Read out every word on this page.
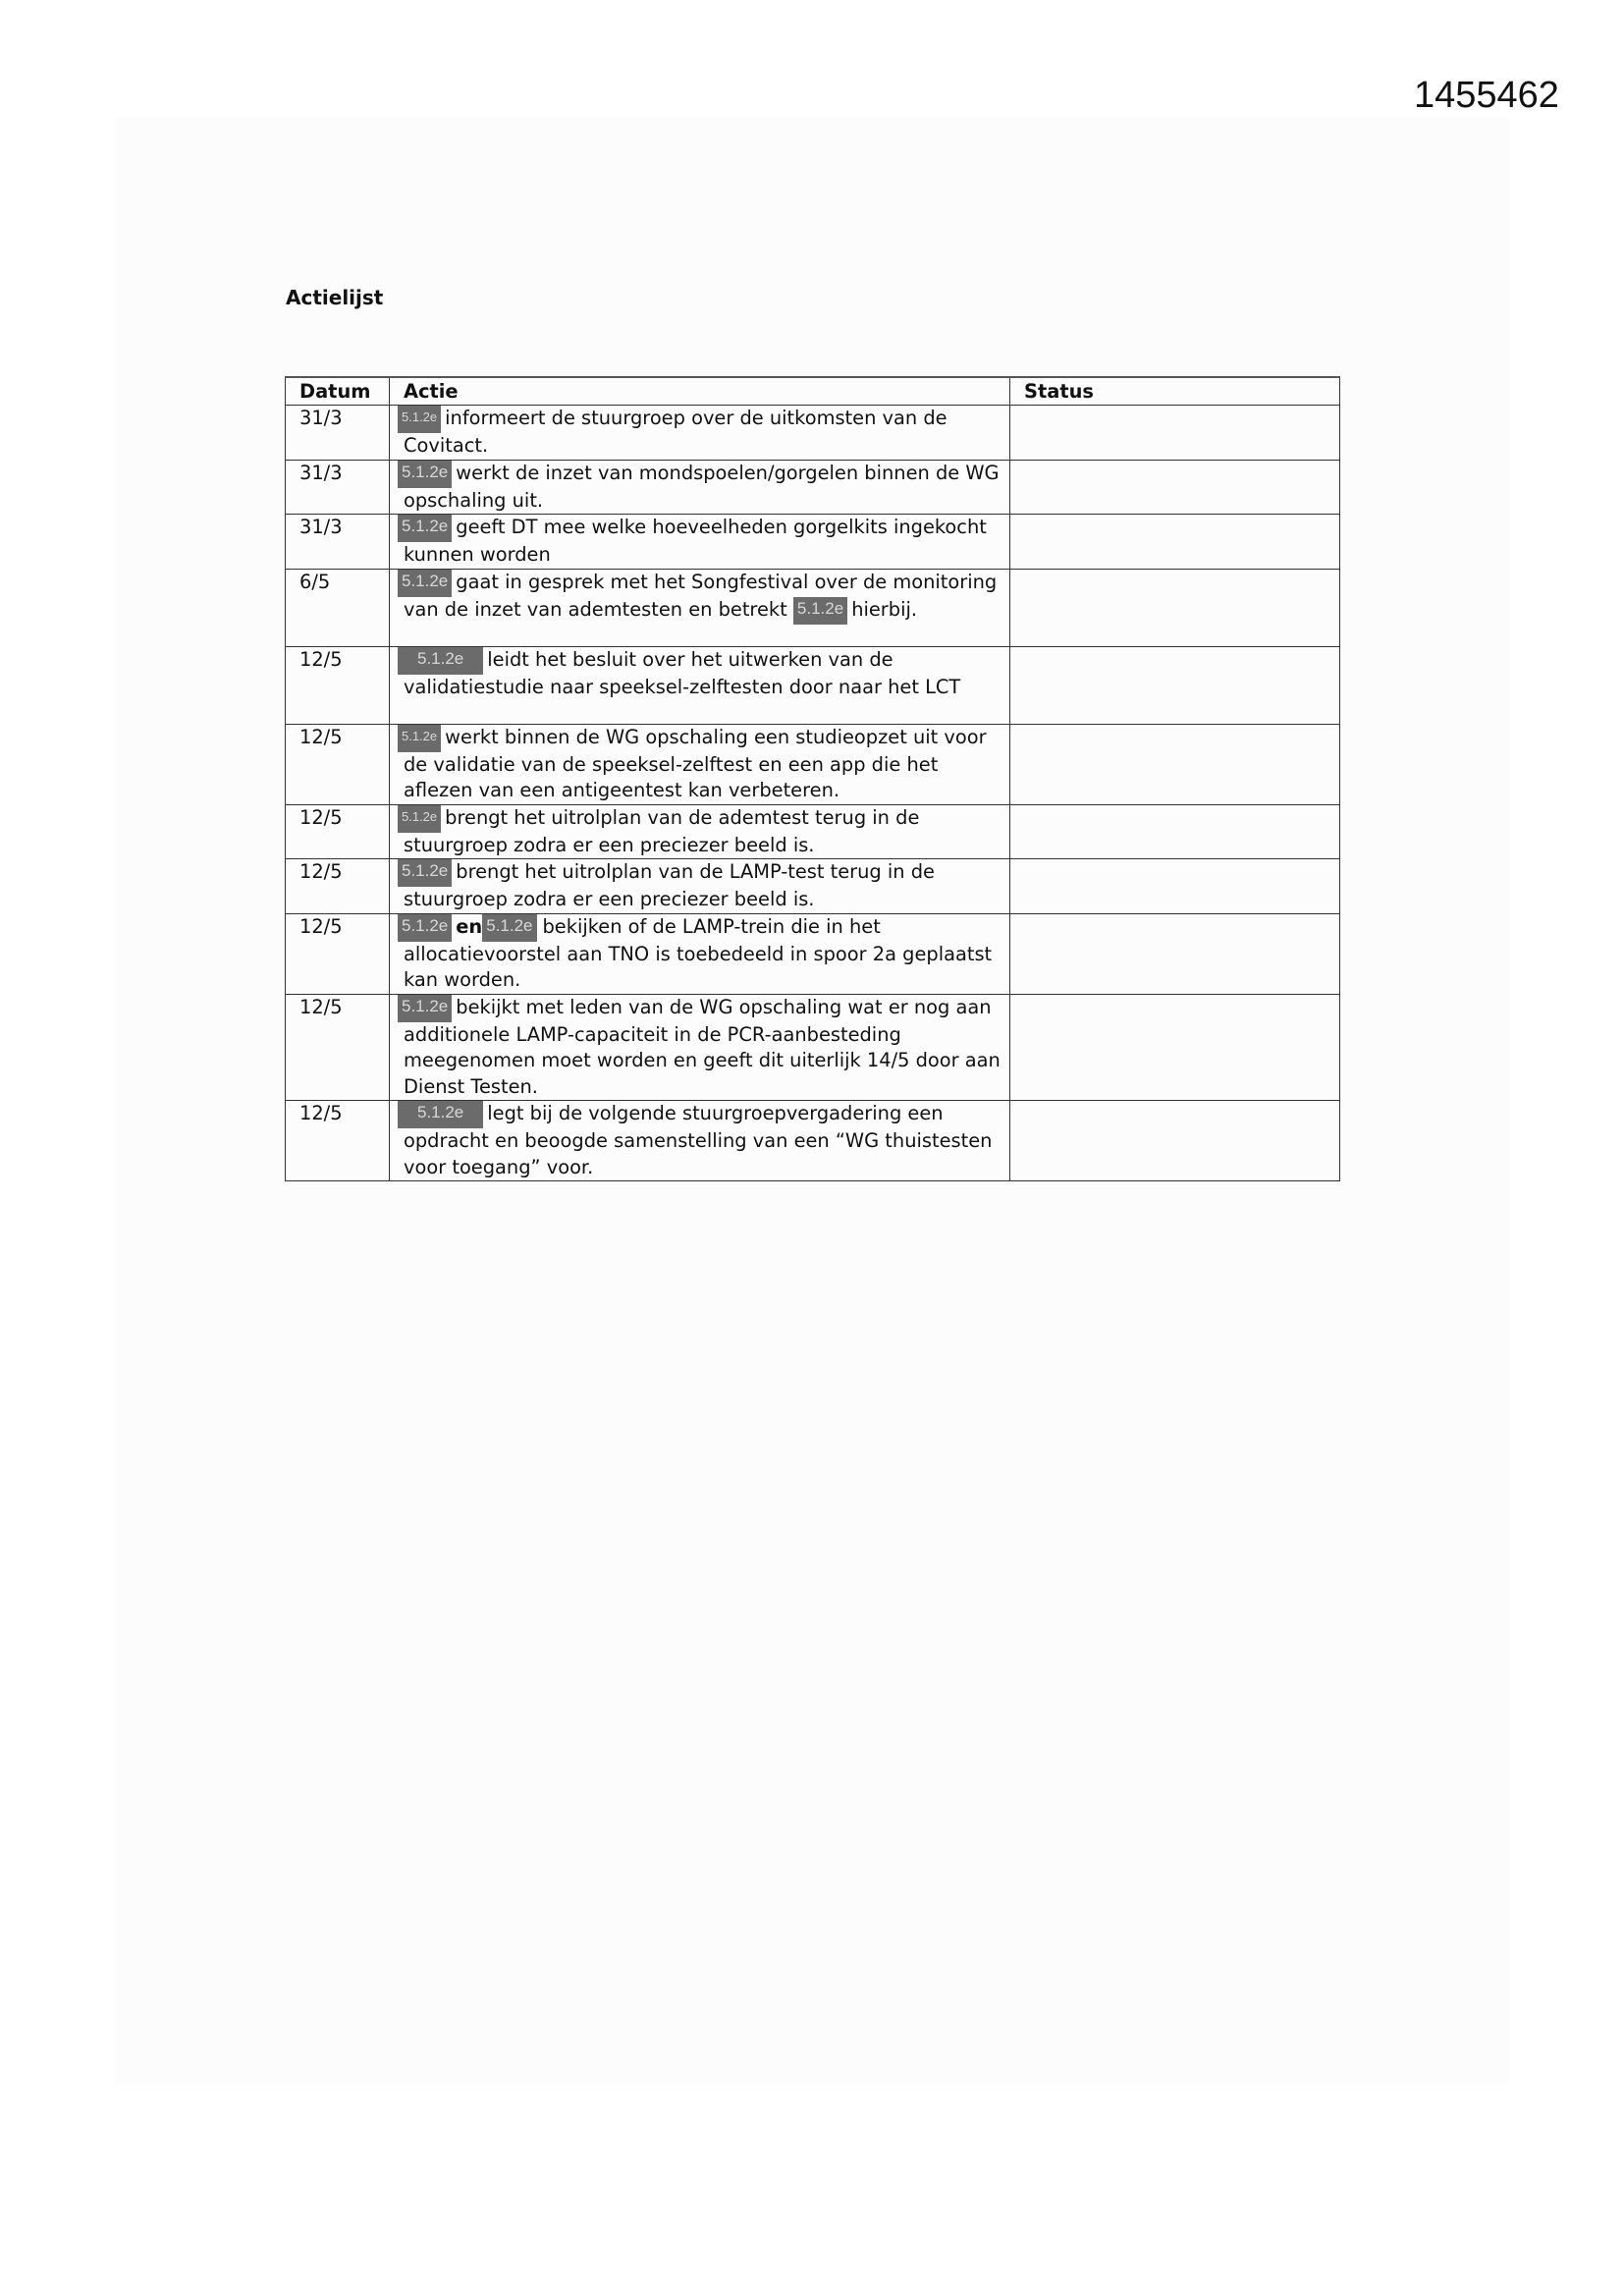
1455462
Actielijst
Datum	Actie	Status
31/3	5.1.2e informeert de stuurgroep over de uitkomsten van de Covitact.	
31/3	5.1.2e werkt de inzet van mondspoelen/gorgelen binnen de WG opschaling uit.	
31/3	5.1.2e geeft DT mee welke hoeveelheden gorgelkits ingekocht kunnen worden	
6/5	5.1.2e gaat in gesprek met het Songfestival over de monitoring van de inzet van ademtesten en betrekt 5.1.2e hierbij.	
12/5	5.1.2e leidt het besluit over het uitwerken van de validatiestudie naar speeksel-zelftesten door naar het LCT	
12/5	5.1.2e werkt binnen de WG opschaling een studieopzet uit voor de validatie van de speeksel-zelftest en een app die het aflezen van een antigeentest kan verbeteren.	
12/5	5.1.2e brengt het uitrolplan van de ademtest terug in de stuurgroep zodra er een preciezer beeld is.	
12/5	5.1.2e brengt het uitrolplan van de LAMP-test terug in de stuurgroep zodra er een preciezer beeld is.	
12/5	5.1.2e en 5.1.2e bekijken of de LAMP-trein die in het allocatievoorstel aan TNO is toebedeeld in spoor 2a geplaatst kan worden.	
12/5	5.1.2e bekijkt met leden van de WG opschaling wat er nog aan additionele LAMP-capaciteit in de PCR-aanbesteding meegenomen moet worden en geeft dit uiterlijk 14/5 door aan Dienst Testen.	
12/5	5.1.2e legt bij de volgende stuurgroepvergadering een opdracht en beoogde samenstelling van een “WG thuistesten voor toegang” voor.	
